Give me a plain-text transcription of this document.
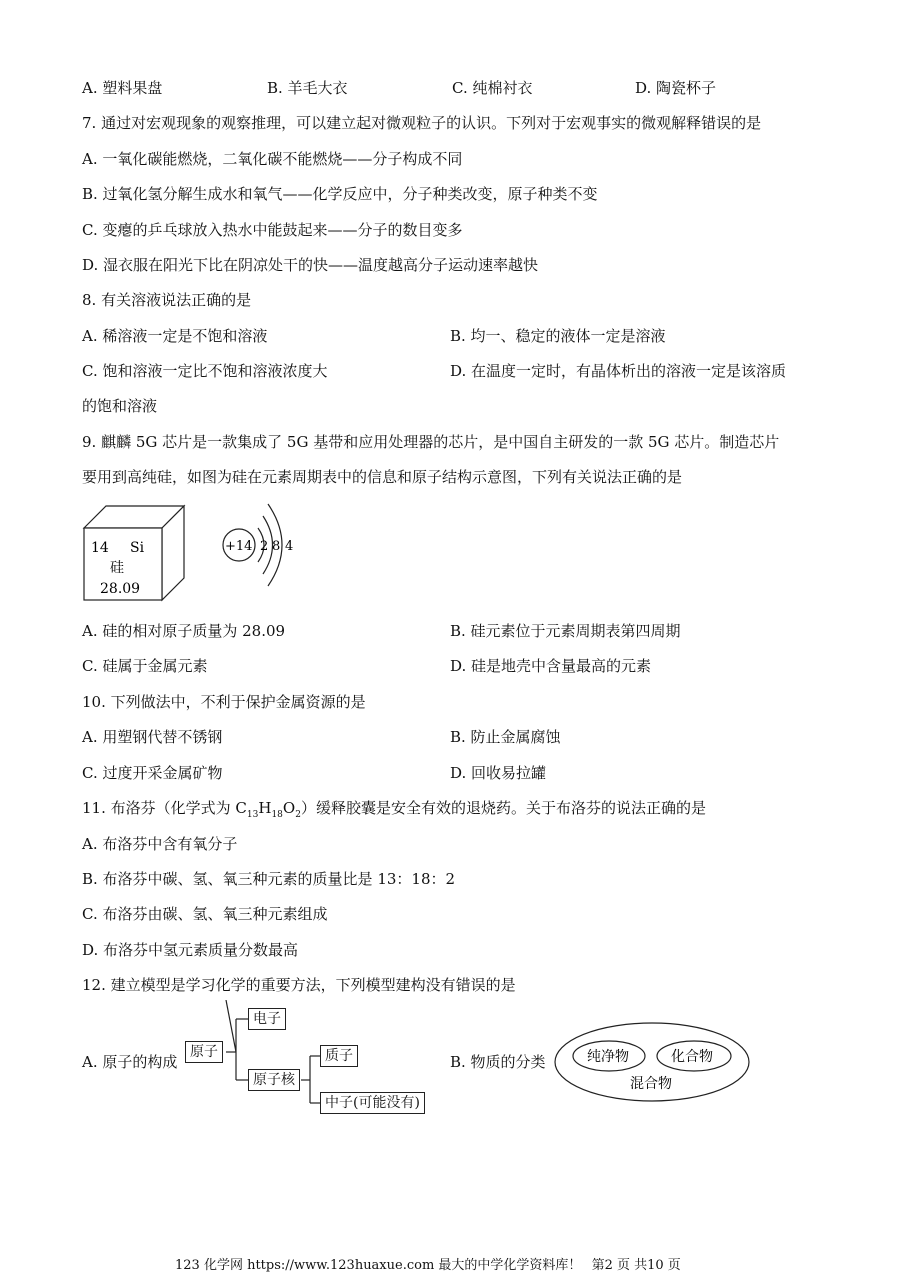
A. 塑料果盘	B. 羊毛大衣	C. 纯棉衬衣	D. 陶瓷杯子
7. 通过对宏观现象的观察推理，可以建立起对微观粒子的认识。下列对于宏观事实的微观解释错误的是
A. 一氧化碳能燃烧，二氧化碳不能燃烧——分子构成不同
B. 过氧化氢分解生成水和氧气——化学反应中，分子种类改变，原子种类不变
C. 变瘪的乒乓球放入热水中能鼓起来——分子的数目变多
D. 湿衣服在阳光下比在阴凉处干的快——温度越高分子运动速率越快
8. 有关溶液说法正确的是
A. 稀溶液一定是不饱和溶液	B. 均一、稳定的液体一定是溶液
C. 饱和溶液一定比不饱和溶液浓度大	D. 在温度一定时，有晶体析出的溶液一定是该溶质
的饱和溶液
9. 麒麟 5G 芯片是一款集成了 5G 基带和应用处理器的芯片，是中国自主研发的一款 5G 芯片。制造芯片
要用到高纯硅，如图为硅在元素周期表中的信息和原子结构示意图，下列有关说法正确的是
14 Si
硅
28.09
+14 2 8 4
A. 硅的相对原子质量为 28.09	B. 硅元素位于元素周期表第四周期
C. 硅属于金属元素	D. 硅是地壳中含量最高的元素
10. 下列做法中，不利于保护金属资源的是
A. 用塑钢代替不锈钢	B. 防止金属腐蚀
C. 过度开采金属矿物	D. 回收易拉罐
11. 布洛芬（化学式为 $C_{13}H_{18}O_2$）缓释胶囊是安全有效的退烧药。关于布洛芬的说法正确的是
A. 布洛芬中含有氧分子
B. 布洛芬中碳、氢、氧三种元素的质量比是 13：18：2
C. 布洛芬由碳、氢、氧三种元素组成
D. 布洛芬中氢元素质量分数最高
12. 建立模型是学习化学的重要方法，下列模型建构没有错误的是
A. 原子的构成
原子
电子
原子核
质子
中子(可能没有)
B. 物质的分类	纯净物	化合物
混合物
123 化学网 https://www.123huaxue.com 最大的中学化学资料库！ 第2 页 共10 页
